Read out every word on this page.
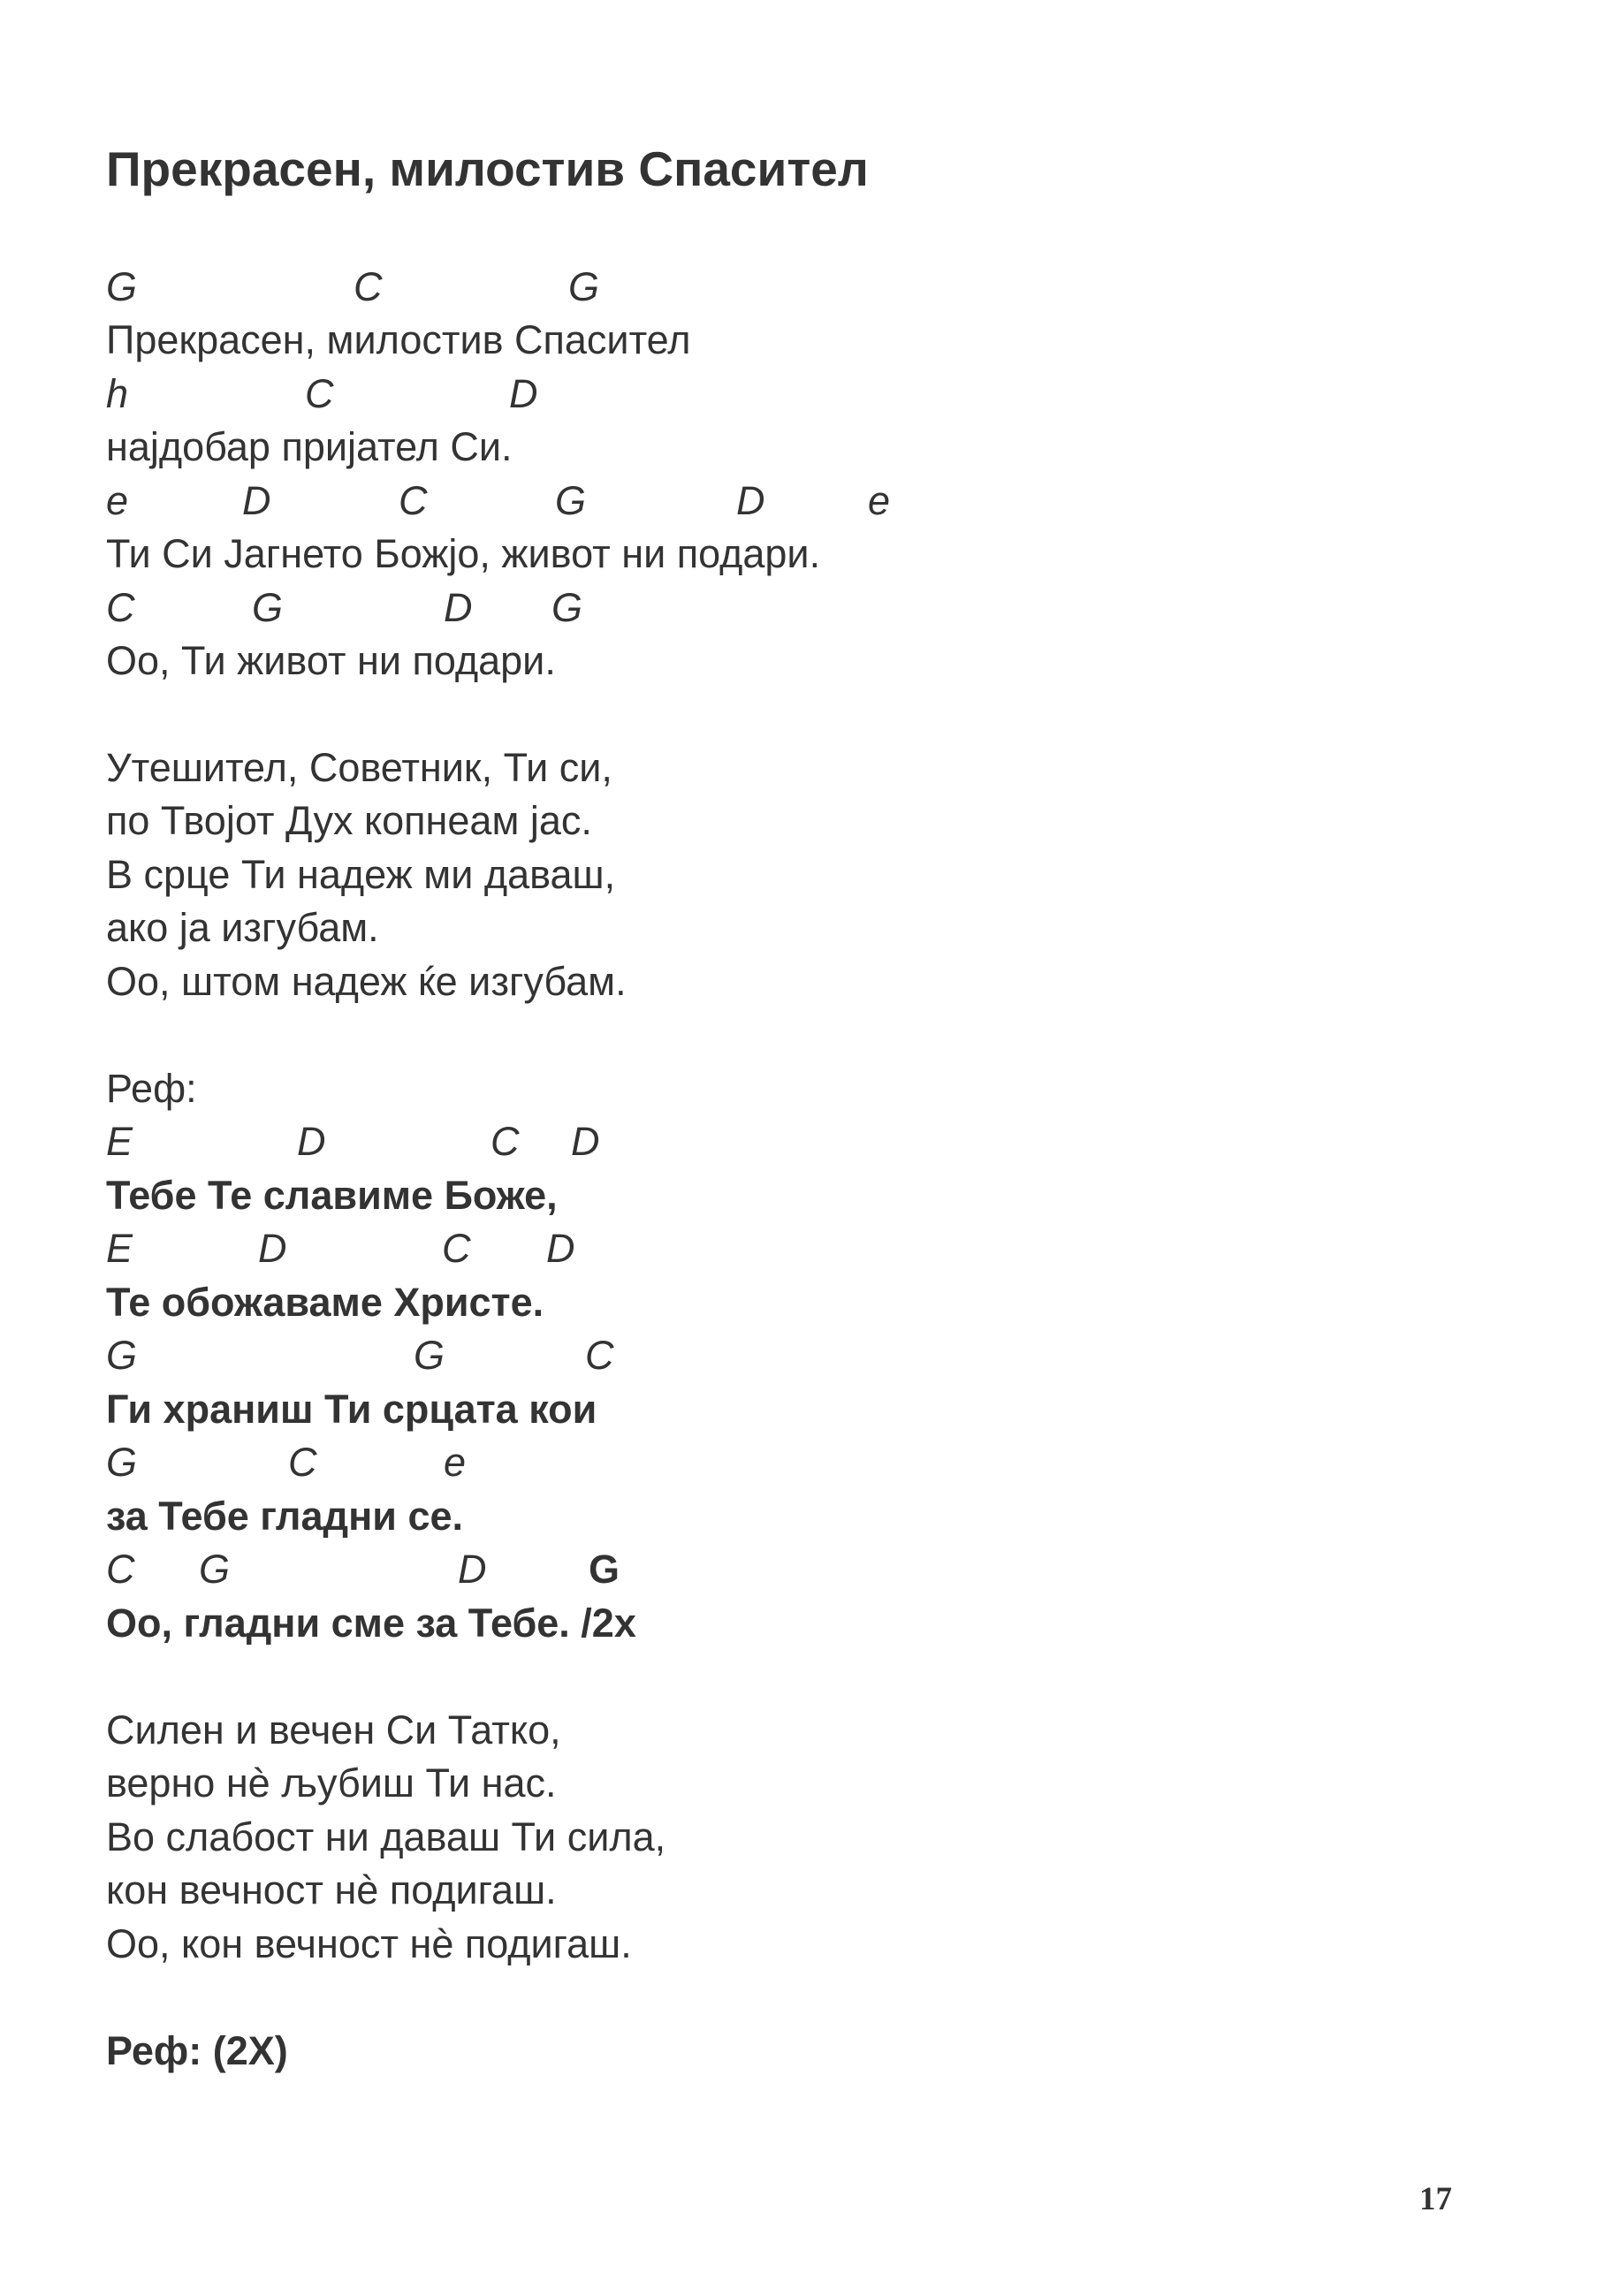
Прекрасен, милостив Спасител
G	C	G
Прекрасен, милостив Спасител
h	C	D
најдобар пријател Си.
e	D	C	G	D	e
Ти Си Јагнето Божјо, живот ни подари.
C	G	D G
Оо, Ти живот ни подари.
Утешител, Советник, Ти си,
по Твојот Дух копнеам јас.
В срце Ти надеж ми даваш,
ако ја изгубам.
Оо, штом надеж ќе изгубам.
Реф:
E	D	C D
Тебе Те славиме Боже,
E	D	C D
Те обожаваме Христе.
G	G	C
Ги храниш Ти срцата кои
G	C	e
за Тебе гладни се.
C G	D	G
Оо, гладни сме за Тебе. /2x
Силен и вечен Си Татко,
верно нè љубиш Ти нас.
Во слабост ни даваш Ти сила,
кон вечност нè подигаш.
Оо, кон вечност нè подигаш.
Реф: (2X)
17
